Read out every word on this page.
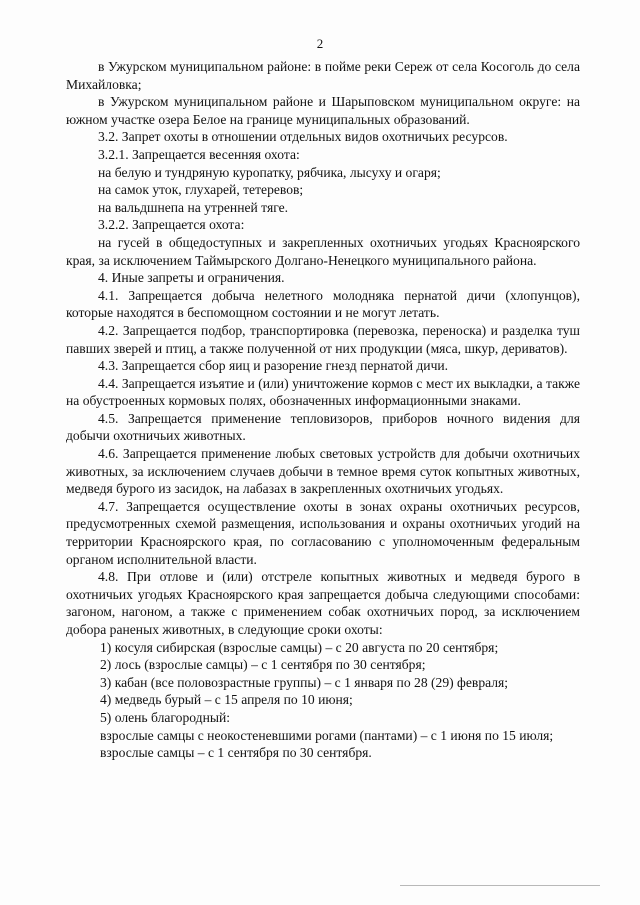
2

в Ужурском муниципальном районе: в пойме реки Сереж от села Косоголь до села Михайловка;

в Ужурском муниципальном районе и Шарыповском муниципальном округе: на южном участке озера Белое на границе муниципальных образований.

3.2. Запрет охоты в отношении отдельных видов охотничьих ресурсов.

3.2.1. Запрещается весенняя охота:

на белую и тундряную куропатку, рябчика, лысуху и огаря;

на самок уток, глухарей, тетеревов;

на вальдшнепа на утренней тяге.

3.2.2. Запрещается охота:

на гусей в общедоступных и закрепленных охотничьих угодьях Красноярского края, за исключением Таймырского Долгано-Ненецкого муниципального района.

4. Иные запреты и ограничения.

4.1. Запрещается добыча нелетного молодняка пернатой дичи (хлопунцов), которые находятся в беспомощном состоянии и не могут летать.

4.2. Запрещается подбор, транспортировка (перевозка, переноска) и разделка туш павших зверей и птиц, а также полученной от них продукции (мяса, шкур, дериватов).

4.3. Запрещается сбор яиц и разорение гнезд пернатой дичи.

4.4. Запрещается изъятие и (или) уничтожение кормов с мест их выкладки, а также на обустроенных кормовых полях, обозначенных информационными знаками.

4.5. Запрещается применение тепловизоров, приборов ночного видения для добычи охотничьих животных.

4.6. Запрещается применение любых световых устройств для добычи охотничьих животных, за исключением случаев добычи в темное время суток копытных животных, медведя бурого из засидок, на лабазах в закрепленных охотничьих угодьях.

4.7. Запрещается осуществление охоты в зонах охраны охотничьих ресурсов, предусмотренных схемой размещения, использования и охраны охотничьих угодий на территории Красноярского края, по согласованию с уполномоченным федеральным органом исполнительной власти.

4.8. При отлове и (или) отстреле копытных животных и медведя бурого в охотничьих угодьях Красноярского края запрещается добыча следующими способами: загоном, нагоном, а также с применением собак охотничьих пород, за исключением добора раненых животных, в следующие сроки охоты:

1) косуля сибирская (взрослые самцы) – с 20 августа по 20 сентября;

2) лось (взрослые самцы) – с 1 сентября по 30 сентября;

3) кабан (все половозрастные группы) – с 1 января по 28 (29) февраля;

4) медведь бурый – с 15 апреля по 10 июня;

5) олень благородный:

взрослые самцы с неокостеневшими рогами (пантами) – с 1 июня по 15 июля;

взрослые самцы – с 1 сентября по 30 сентября.
